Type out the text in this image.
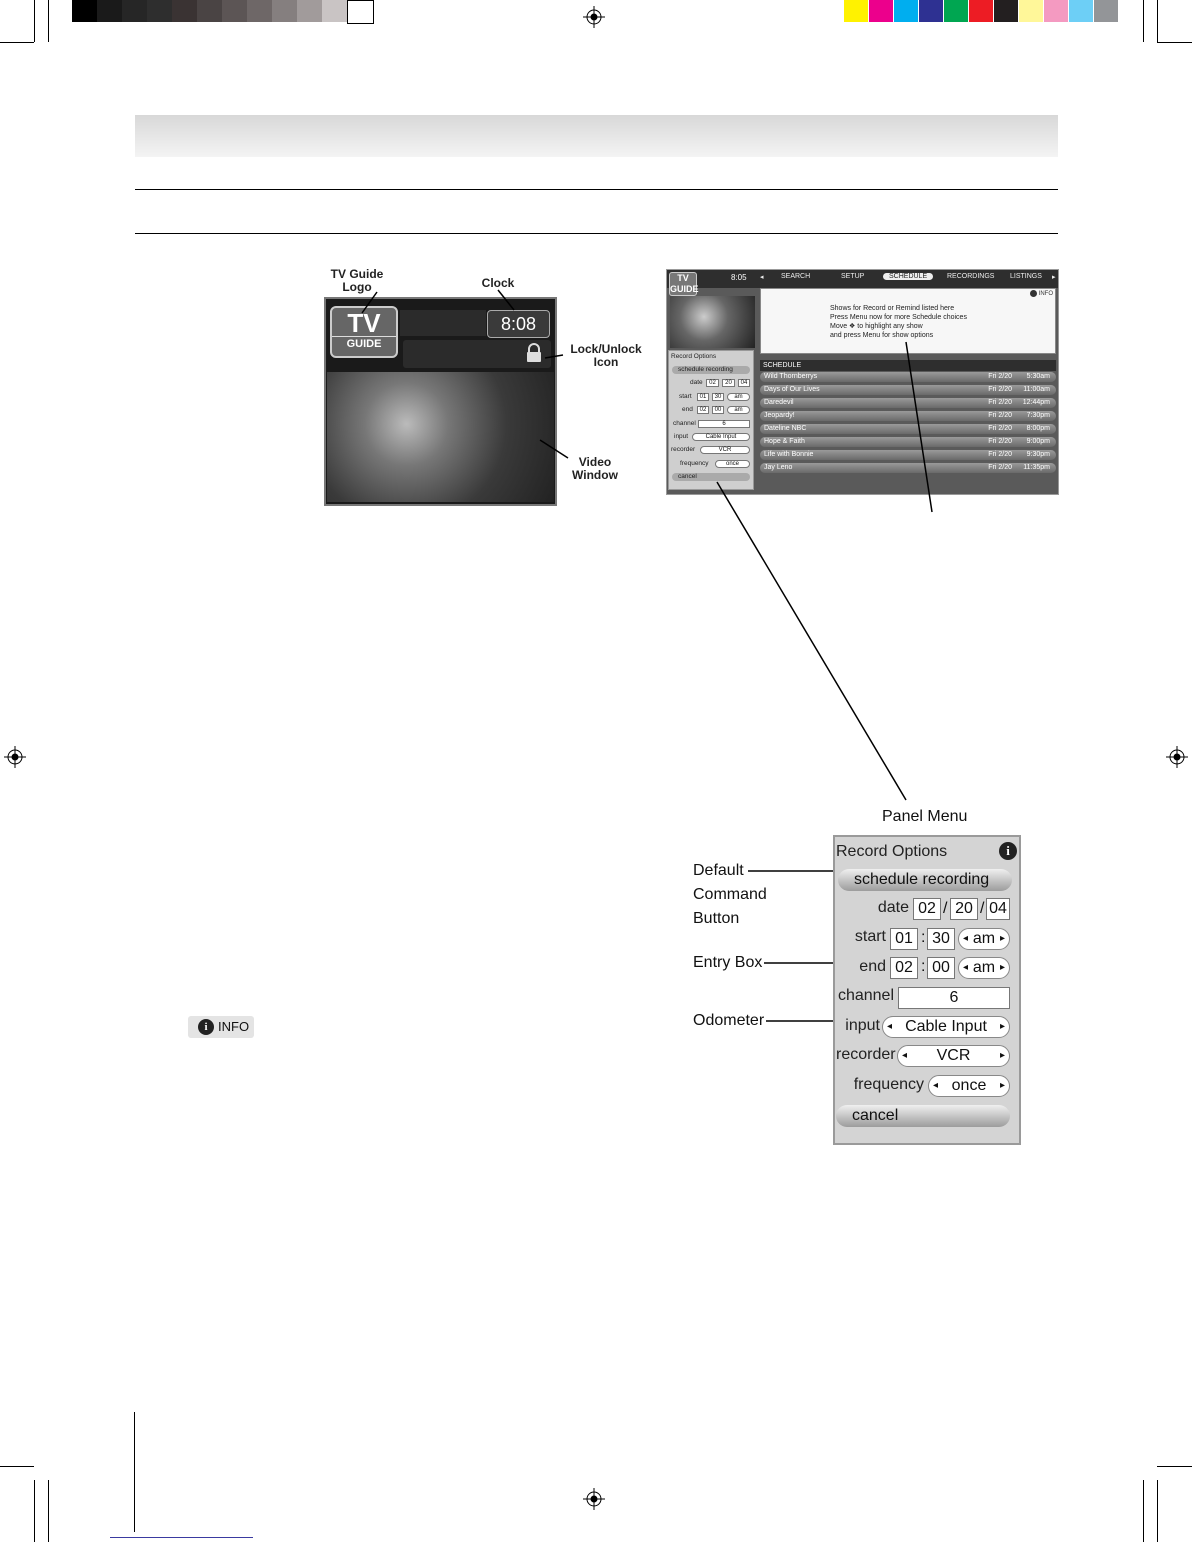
TV Guide
Logo	Clock
Lock/Unlock
Icon
Video
Window
TV
GUIDE
8:08
TV
GUIDE
8:05 ◂ SEARCH	SETUP	SCHEDULE	RECORDINGS LISTINGS ▸
INFO
Shows for Record or Remind listed here
Press Menu now for more Schedule choices
Move ❖ to highlight any show
and press Menu for show options
SCHEDULE
Wild Thornberrys	Fri 2/20 5:30am
Days of Our Lives	Fri 2/20 11:00am
Daredevil	Fri 2/20 12:44pm
Jeopardy!	Fri 2/20 7:30pm
Dateline NBC	Fri 2/20 8:00pm
Hope & Faith	Fri 2/20 9:00pm
Life with Bonnie	Fri 2/20 9:30pm
Jay Leno	Fri 2/20 11:35pm
Record Options
schedule recording
date	02	20	04
start	01	30	am
end	02	00	am
channel	6
input	Cable Input
recorder	VCR
frequency	once
cancel
Panel Menu
Record Options	i
schedule recording
date 02 / 20 / 04
start 01 : 30	◂ am ▸
end 02 : 00	◂ am ▸
channel	6
input ◂ Cable Input ▸
recorder ◂ VCR	▸
frequency ◂ once ▸
cancel
Default
Command
Button
Entry Box
Odometer
i INFO
